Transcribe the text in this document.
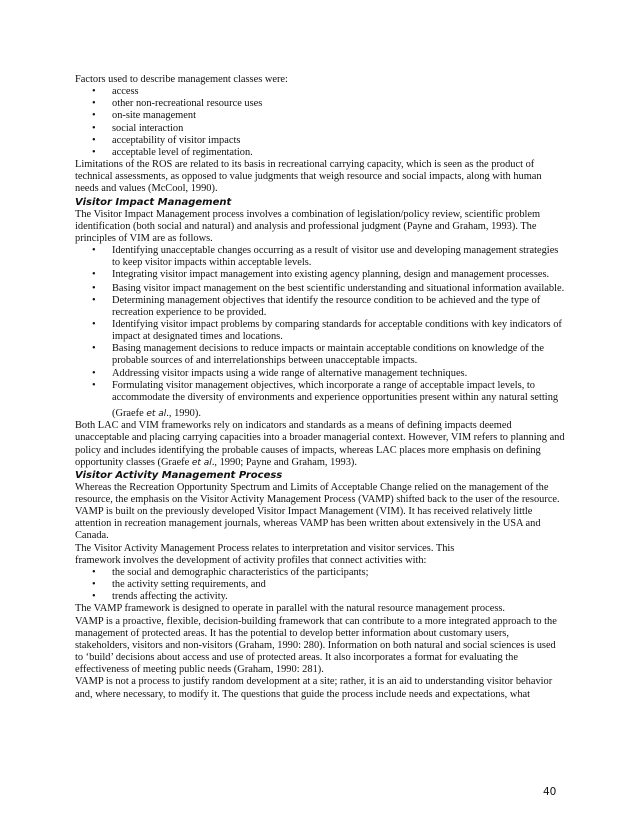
Factors used to describe management classes were:

• access
• other non-recreational resource uses
• on-site management
• social interaction
• acceptability of visitor impacts
• acceptable level of regimentation.

Limitations of the ROS are related to its basis in recreational carrying capacity, which is seen as the product of technical assessments, as opposed to value judgments that weigh resource and social impacts, along with human needs and values (McCool, 1990).

Visitor Impact Management

The Visitor Impact Management process involves a combination of legislation/policy review, scientific problem identification (both social and natural) and analysis and professional judgment (Payne and Graham, 1993). The principles of VIM are as follows.

• Identifying unacceptable changes occurring as a result of visitor use and developing management strategies to keep visitor impacts within acceptable levels.
• Integrating visitor impact management into existing agency planning, design and management processes.
• Basing visitor impact management on the best scientific understanding and situational information available.
• Determining management objectives that identify the resource condition to be achieved and the type of recreation experience to be provided.
• Identifying visitor impact problems by comparing standards for acceptable conditions with key indicators of impact at designated times and locations.
• Basing management decisions to reduce impacts or maintain acceptable conditions on knowledge of the probable sources of and interrelationships between unacceptable impacts.
• Addressing visitor impacts using a wide range of alternative management techniques.
• Formulating visitor management objectives, which incorporate a range of acceptable impact levels, to accommodate the diversity of environments and experience opportunities present within any natural setting

(Graefe et al., 1990).

Both LAC and VIM frameworks rely on indicators and standards as a means of defining impacts deemed unacceptable and placing carrying capacities into a broader managerial context. However, VIM refers to planning and policy and includes identifying the probable causes of impacts, whereas LAC places more emphasis on defining opportunity classes (Graefe et al., 1990; Payne and Graham, 1993).

Visitor Activity Management Process

Whereas the Recreation Opportunity Spectrum and Limits of Acceptable Change relied on the management of the resource, the emphasis on the Visitor Activity Management Process (VAMP) shifted back to the user of the resource. VAMP is built on the previously developed Visitor Impact Management (VIM). It has received relatively little attention in recreation management journals, whereas VAMP has been written about extensively in the USA and Canada.

The Visitor Activity Management Process relates to interpretation and visitor services. This

framework involves the development of activity profiles that connect activities with:

• the social and demographic characteristics of the participants;
• the activity setting requirements, and
• trends affecting the activity.

The VAMP framework is designed to operate in parallel with the natural resource management process.

VAMP is a proactive, flexible, decision-building framework that can contribute to a more integrated approach to the management of protected areas. It has the potential to develop better information about customary users, stakeholders, visitors and non-visitors (Graham, 1990: 280). Information on both natural and social sciences is used to ‘build’ decisions about access and use of protected areas. It also incorporates a format for evaluating the effectiveness of meeting public needs (Graham, 1990: 281).

VAMP is not a process to justify random development at a site; rather, it is an aid to understanding visitor behavior and, where necessary, to modify it. The questions that guide the process include needs and expectations, what

40
